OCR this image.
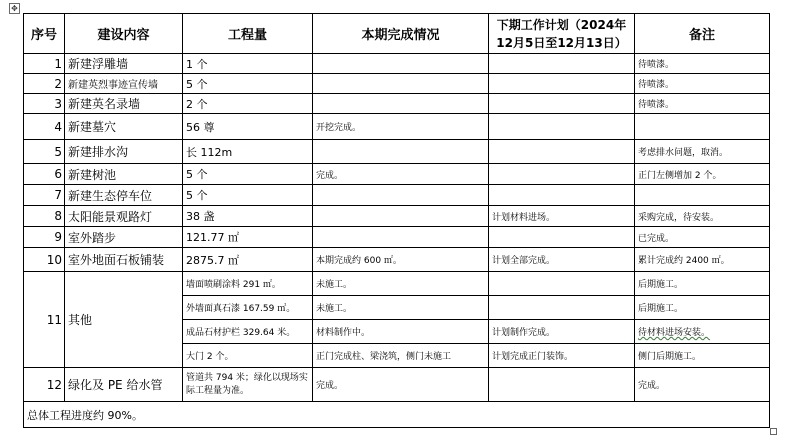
✥
序号	建设内容	工程量	本期完成情况	下期工作计划（2024年12月5日至12月13日）	备注
1	新建浮雕墙	1 个			待喷漆。
2	新建英烈事迹宣传墙	5 个			待喷漆。
3	新建英名录墙	2 个			待喷漆。
4	新建墓穴	56 尊	开挖完成。		
5	新建排水沟	长 112m			考虑排水问题，取消。
6	新建树池	5 个	完成。		正门左侧增加 2 个。
7	新建生态停车位	5 个			
8	太阳能景观路灯	38 盏		计划材料进场。	采购完成，待安装。
9	室外踏步	121.77 ㎡			已完成。
10	室外地面石板铺装	2875.7 ㎡	本期完成约 600 ㎡。	计划全部完成。	累计完成约 2400 ㎡。
11	其他	墙面喷刷涂料 291 ㎡。	未施工。		后期施工。
		外墙面真石漆 167.59 ㎡。	未施工。		后期施工。
		成品石材护栏 329.64 米。	材料制作中。	计划制作完成。	待材料进场安装。
		大门 2 个。	正门完成柱、梁浇筑，侧门未施工	计划完成正门装饰。	侧门后期施工。
12	绿化及 PE 给水管	管道共 794 米；绿化以现场实际工程量为准。	完成。		完成。
总体工程进度约 90%。					
